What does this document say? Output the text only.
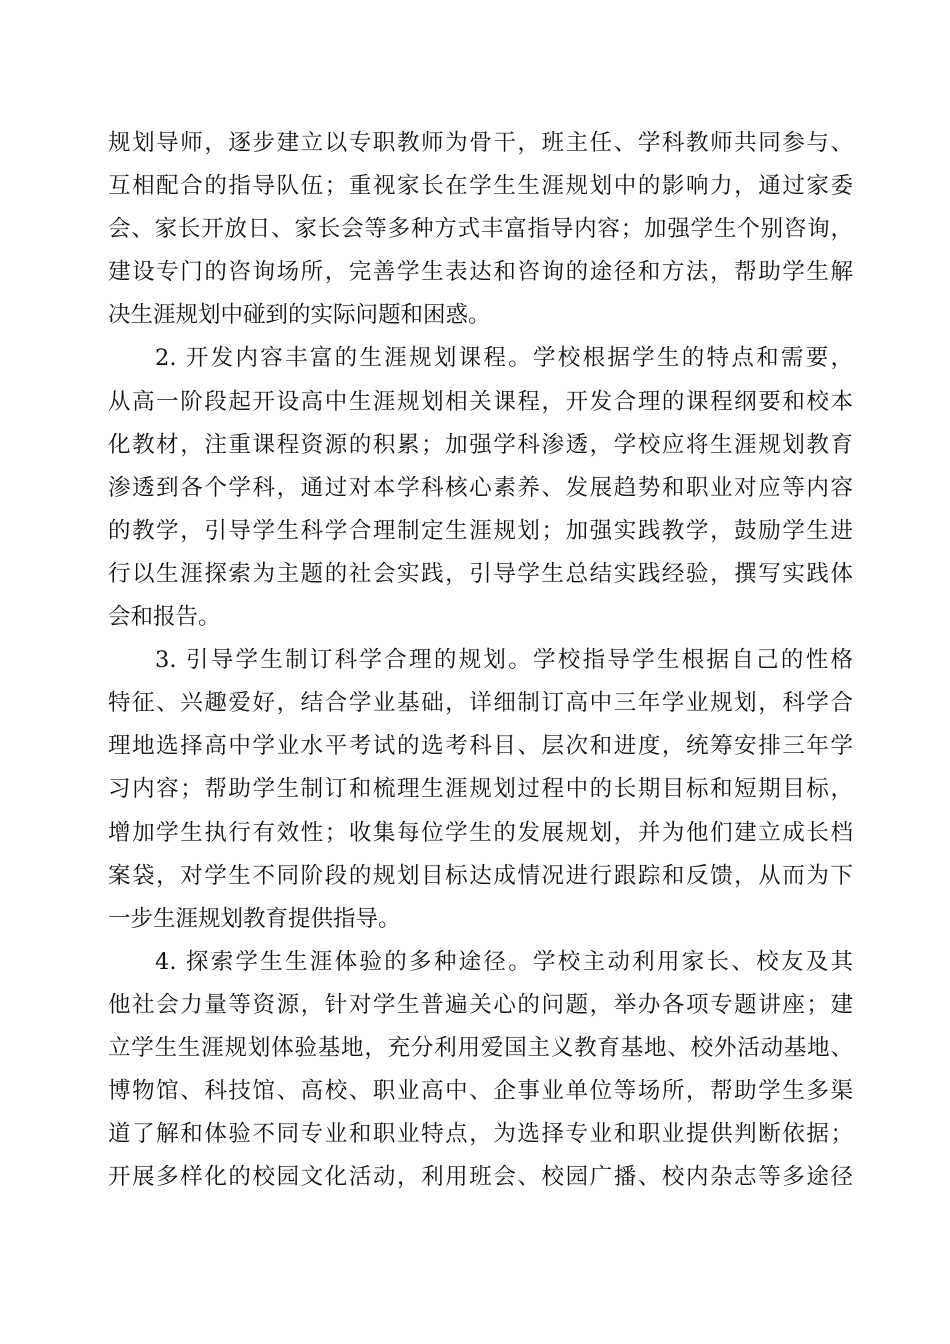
规划导师，逐步建立以专职教师为骨干，班主任、学科教师共同参与、
互相配合的指导队伍；重视家长在学生生涯规划中的影响力，通过家委
会、家长开放日、家长会等多种方式丰富指导内容；加强学生个别咨询，
建设专门的咨询场所，完善学生表达和咨询的途径和方法，帮助学生解
决生涯规划中碰到的实际问题和困惑。
2. 开发内容丰富的生涯规划课程。学校根据学生的特点和需要，
从高一阶段起开设高中生涯规划相关课程，开发合理的课程纲要和校本
化教材，注重课程资源的积累；加强学科渗透，学校应将生涯规划教育
渗透到各个学科，通过对本学科核心素养、发展趋势和职业对应等内容
的教学，引导学生科学合理制定生涯规划；加强实践教学，鼓励学生进
行以生涯探索为主题的社会实践，引导学生总结实践经验，撰写实践体
会和报告。
3. 引导学生制订科学合理的规划。学校指导学生根据自己的性格
特征、兴趣爱好，结合学业基础，详细制订高中三年学业规划，科学合
理地选择高中学业水平考试的选考科目、层次和进度，统筹安排三年学
习内容；帮助学生制订和梳理生涯规划过程中的长期目标和短期目标，
增加学生执行有效性；收集每位学生的发展规划，并为他们建立成长档
案袋，对学生不同阶段的规划目标达成情况进行跟踪和反馈，从而为下
一步生涯规划教育提供指导。
4. 探索学生生涯体验的多种途径。学校主动利用家长、校友及其
他社会力量等资源，针对学生普遍关心的问题，举办各项专题讲座；建
立学生生涯规划体验基地，充分利用爱国主义教育基地、校外活动基地、
博物馆、科技馆、高校、职业高中、企事业单位等场所，帮助学生多渠
道了解和体验不同专业和职业特点，为选择专业和职业提供判断依据；
开展多样化的校园文化活动，利用班会、校园广播、校内杂志等多途径
